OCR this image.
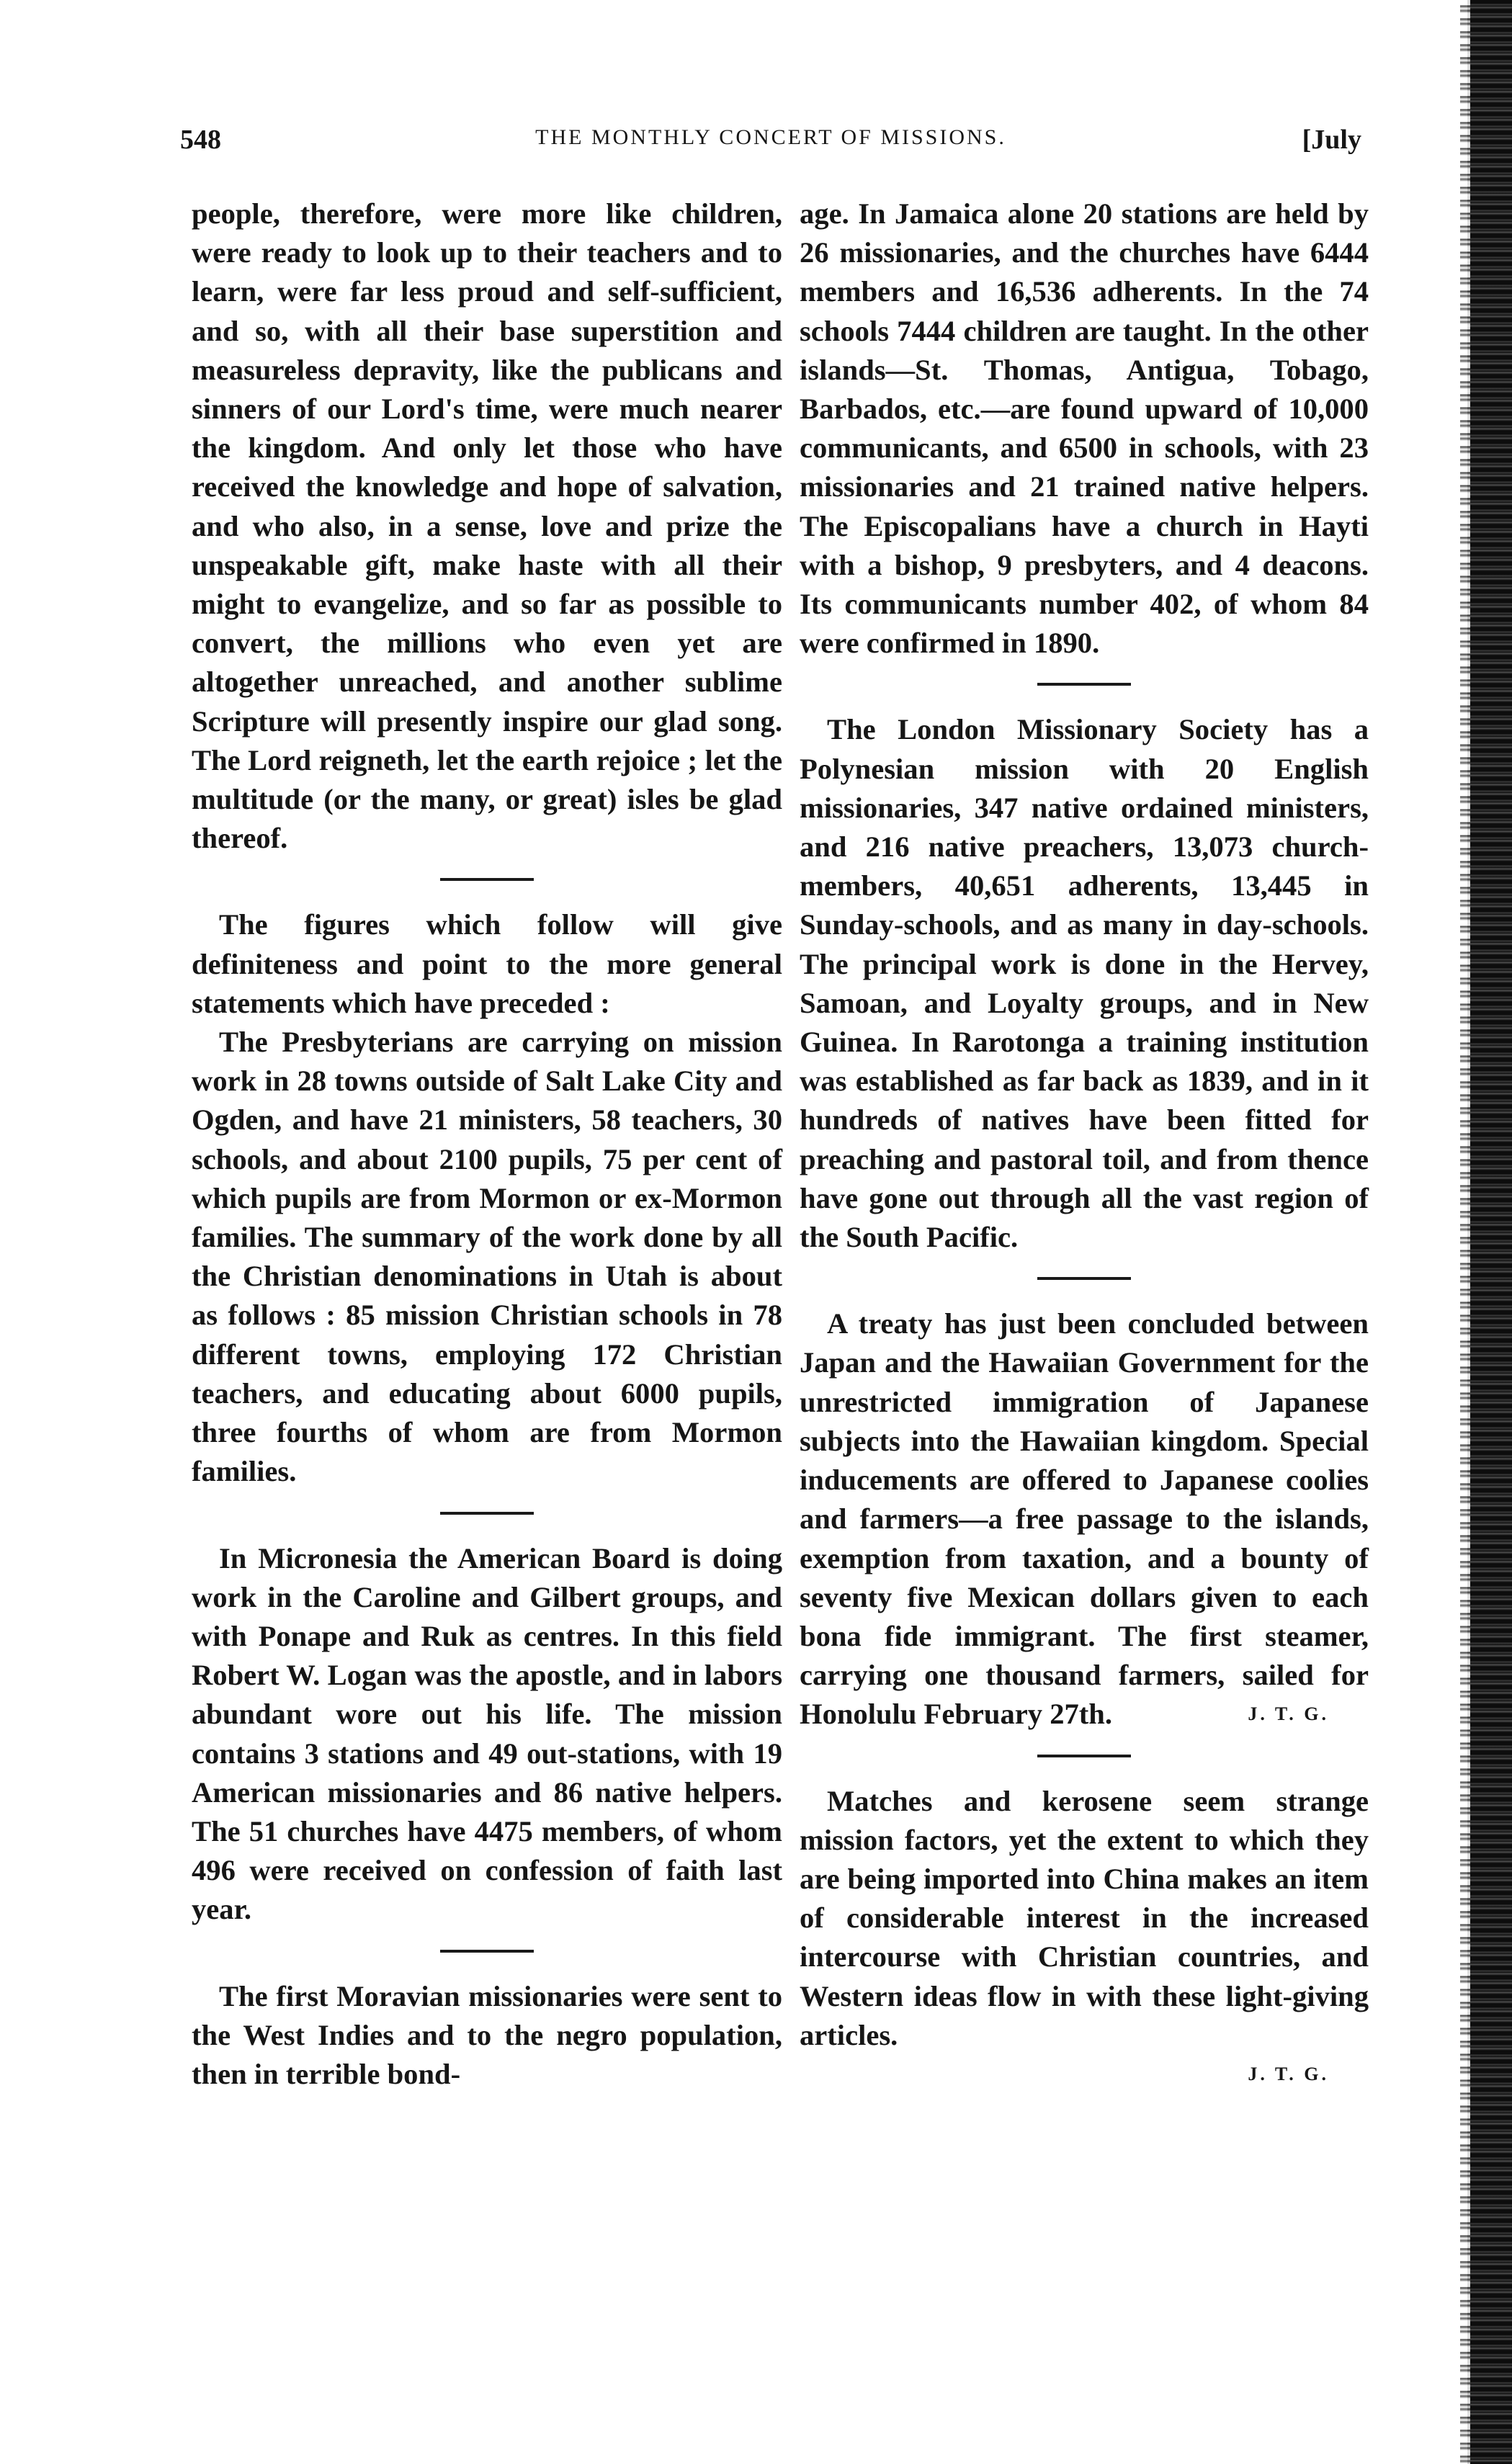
548	THE MONTHLY CONCERT OF MISSIONS.	[July

people, therefore, were more like children, were ready to look up to their teachers and to learn, were far less proud and self-sufficient, and so, with all their base superstition and measureless depravity, like the publicans and sinners of our Lord's time, were much nearer the kingdom. And only let those who have received the knowledge and hope of salvation, and who also, in a sense, love and prize the unspeakable gift, make haste with all their might to evangelize, and so far as possible to convert, the millions who even yet are altogether unreached, and another sublime Scripture will presently inspire our glad song. The Lord reigneth, let the earth rejoice ; let the multitude (or the many, or great) isles be glad thereof.

The figures which follow will give definiteness and point to the more general statements which have preceded :

The Presbyterians are carrying on mission work in 28 towns outside of Salt Lake City and Ogden, and have 21 ministers, 58 teachers, 30 schools, and about 2100 pupils, 75 per cent of which pupils are from Mormon or ex-Mormon families. The summary of the work done by all the Christian denominations in Utah is about as follows : 85 mission Christian schools in 78 different towns, employing 172 Christian teachers, and educating about 6000 pupils, three fourths of whom are from Mormon families.

In Micronesia the American Board is doing work in the Caroline and Gilbert groups, and with Ponape and Ruk as centres. In this field Robert W. Logan was the apostle, and in labors abundant wore out his life. The mission contains 3 stations and 49 out-stations, with 19 American missionaries and 86 native helpers. The 51 churches have 4475 members, of whom 496 were received on confession of faith last year.

The first Moravian missionaries were sent to the West Indies and to the negro population, then in terrible bond-

age. In Jamaica alone 20 stations are held by 26 missionaries, and the churches have 6444 members and 16,536 adherents. In the 74 schools 7444 children are taught. In the other islands—St. Thomas, Antigua, Tobago, Barbados, etc.—are found upward of 10,000 communicants, and 6500 in schools, with 23 missionaries and 21 trained native helpers. The Episcopalians have a church in Hayti with a bishop, 9 presbyters, and 4 deacons. Its communicants number 402, of whom 84 were confirmed in 1890.

The London Missionary Society has a Polynesian mission with 20 English missionaries, 347 native ordained ministers, and 216 native preachers, 13,073 church-members, 40,651 adherents, 13,445 in Sunday-schools, and as many in day-schools. The principal work is done in the Hervey, Samoan, and Loyalty groups, and in New Guinea. In Rarotonga a training institution was established as far back as 1839, and in it hundreds of natives have been fitted for preaching and pastoral toil, and from thence have gone out through all the vast region of the South Pacific.

A treaty has just been concluded between Japan and the Hawaiian Government for the unrestricted immigration of Japanese subjects into the Hawaiian kingdom. Special inducements are offered to Japanese coolies and farmers—a free passage to the islands, exemption from taxation, and a bounty of seventy five Mexican dollars given to each bona fide immigrant. The first steamer, carrying one thousand farmers, sailed for Honolulu February 27th.	J. T. G.

Matches and kerosene seem strange mission factors, yet the extent to which they are being imported into China makes an item of considerable interest in the increased intercourse with Christian countries, and Western ideas flow in with these light-giving articles.

J. T. G.
